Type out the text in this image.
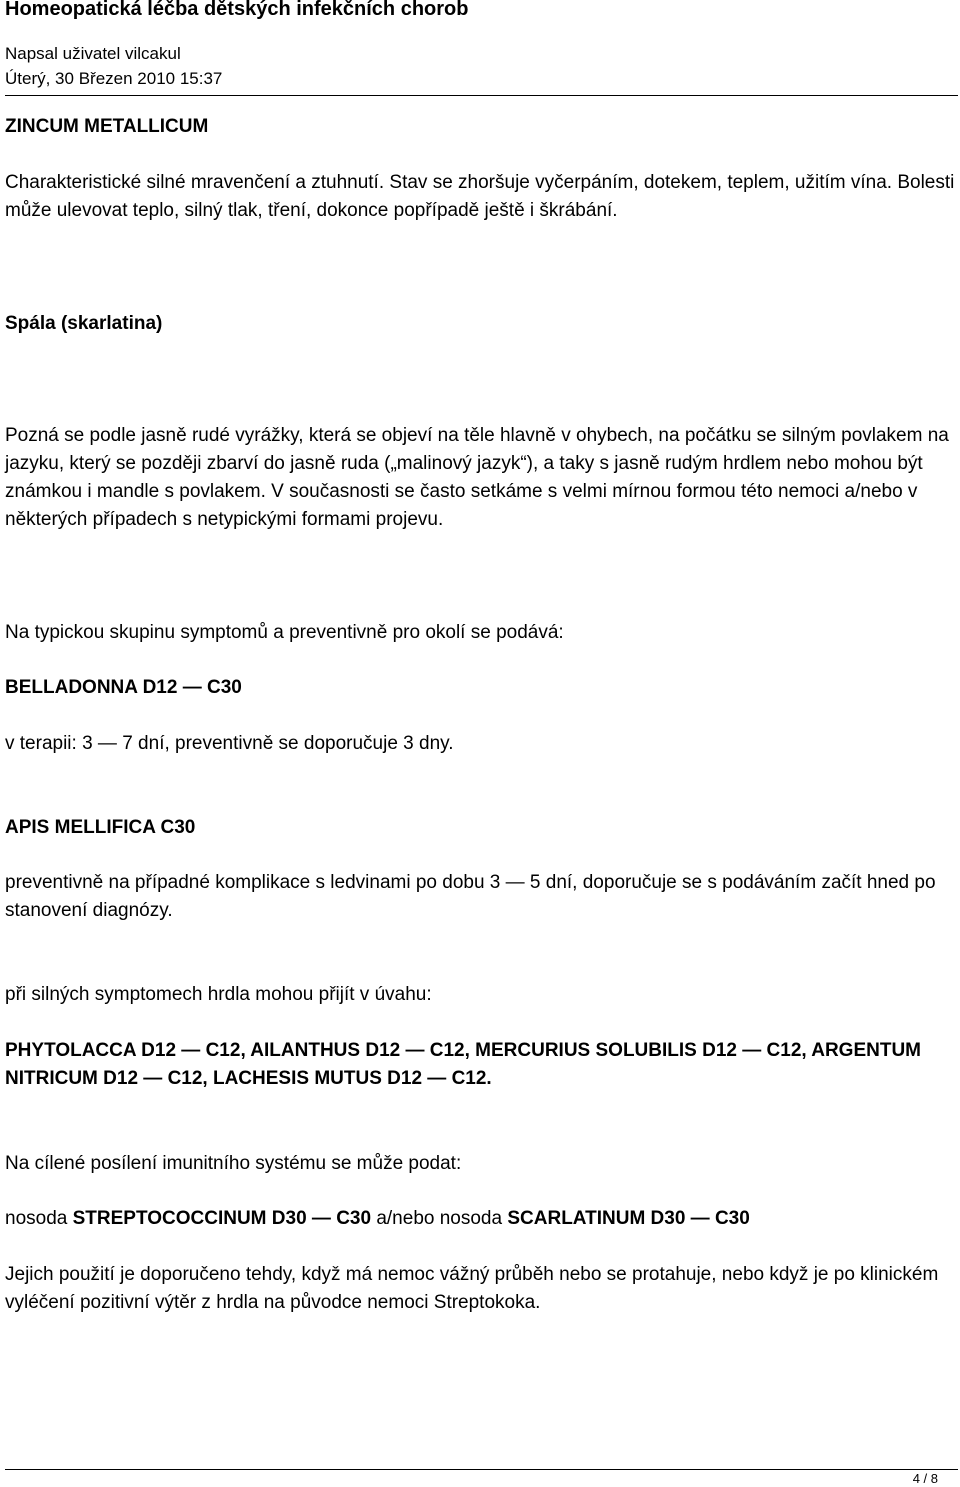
Homeopatická léčba dětských infekčních chorob
Napsal uživatel vilcakul
Úterý, 30 Březen 2010 15:37

ZINCUM METALLICUM

Charakteristické silné mravenčení a ztuhnutí. Stav se zhoršuje vyčerpáním, dotekem, teplem, užitím vína. Bolesti může ulevovat teplo, silný tlak, tření, dokonce popřípadě ještě i škrábání.

Spála (skarlatina)

Pozná se podle jasně rudé vyrážky, která se objeví na těle hlavně v ohybech, na počátku se silným povlakem na jazyku, který se později zbarví do jasně ruda („malinový jazyk“), a taky s jasně rudým hrdlem nebo mohou být známkou i mandle s povlakem. V současnosti se často setkáme s velmi mírnou formou této nemoci a/nebo v některých případech s netypickými formami projevu.

Na typickou skupinu symptomů a preventivně pro okolí se podává:

BELLADONNA D12 — C30

v terapii: 3 — 7 dní, preventivně se doporučuje 3 dny.

APIS MELLIFICA C30

preventivně na případné komplikace s ledvinami po dobu 3 — 5 dní, doporučuje se s podáváním začít hned po stanovení diagnózy.

při silných symptomech hrdla mohou přijít v úvahu:

PHYTOLACCA D12 — C12, AILANTHUS D12 — C12, MERCURIUS SOLUBILIS D12 — C12, ARGENTUM NITRICUM D12 — C12, LACHESIS MUTUS D12 — C12.

Na cílené posílení imunitního systému se může podat:

nosoda STREPTOCOCCINUM D30 — C30 a/nebo nosoda SCARLATINUM D30 — C30

Jejich použití je doporučeno tehdy, když má nemoc vážný průběh nebo se protahuje, nebo když je po klinickém vyléčení pozitivní výtěr z hrdla na původce nemoci Streptokoka.

4 / 8
